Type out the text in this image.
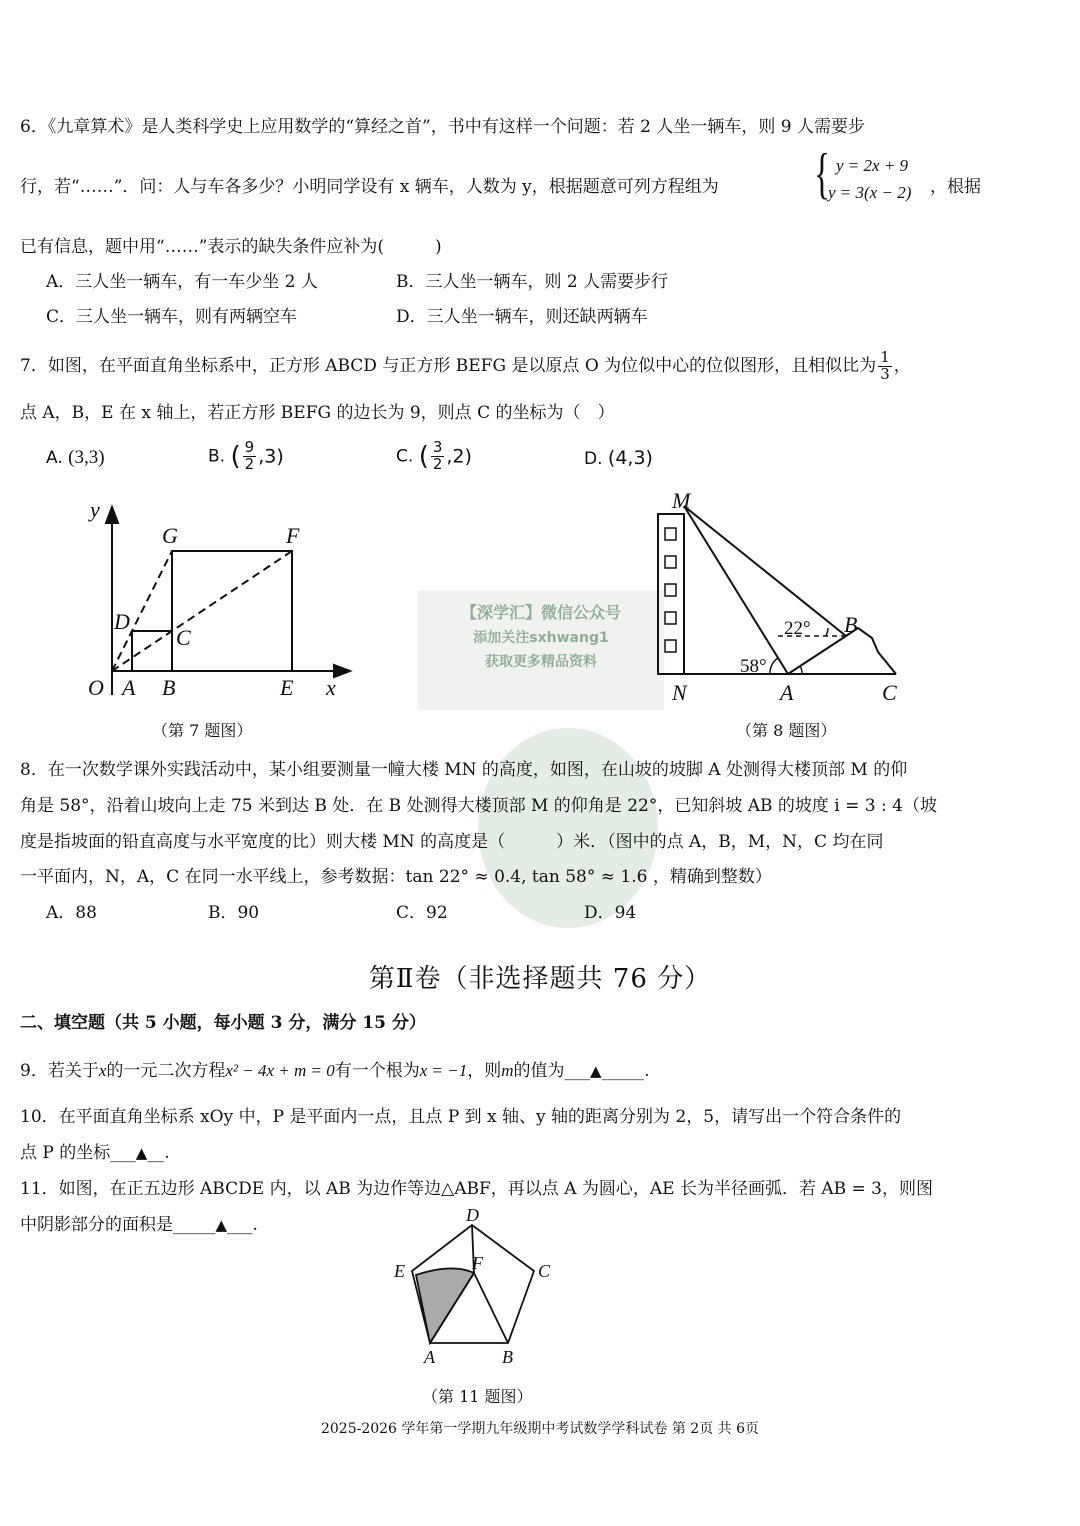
6．《九章算术》是人类科学史上应用数学的“算经之首”，书中有这样一个问题：若 2 人坐一辆车，则 9 人需要步
行，若“……”．问：人与车各多少？小明同学设有 x 辆车，人数为 y，根据题意可列方程组为 { y = 2x + 9
y = 3(x − 2) ，根据
已有信息，题中用“……”表示的缺失条件应补为(　　　)
A．三人坐一辆车，有一车少坐 2 人	B．三人坐一辆车，则 2 人需要步行
C．三人坐一辆车，则有两辆空车	D．三人坐一辆车，则还缺两辆车
7．如图，在平面直角坐标系中，正方形 ABCD 与正方形 BEFG 是以原点 O 为位似中心的位似图形，且相似比为 $\frac{1}{3}$ ，
点 A，B，E 在 x 轴上，若正方形 BEFG 的边长为 9，则点 C 的坐标为（　）
A. (3,3)	B. ( $\frac{9}{2} ,3$)	C. ( $\frac{3}{2} ,2$)	D. (4,3)
y
x
O A B	E
G	F
D
C
（第 7 题图）
【深学汇】微信公众号
添加关注sxhwang1
获取更多精品资料
M
N	A
B
C
22°
58°
（第 8 题图）
8．在一次数学课外实践活动中，某小组要测量一幢大楼 MN 的高度，如图，在山坡的坡脚 A 处测得大楼顶部 M 的仰
角是 58°，沿着山坡向上走 75 米到达 B 处．在 B 处测得大楼顶部 M 的仰角是 22°，已知斜坡 AB 的坡度 i = 3 : 4（坡
度是指坡面的铅直高度与水平宽度的比）则大楼 MN 的高度是（　　　）米．（图中的点 A，B，M，N，C 均在同
一平面内，N，A，C 在同一水平线上，参考数据：tan 22° ≈ 0.4, tan 58° ≈ 1.6 ，精确到整数）
A．88	B．90	C．92	D．94
第Ⅱ卷（非选择题共 76 分）
二、填空题（共 5 小题，每小题 3 分，满分 15 分）
9．若关于x的一元二次方程x² − 4x + m = 0有一个根为x = −1，则m的值为___▲_____.
10．在平面直角坐标系 xOy 中，P 是平面内一点，且点 P 到 x 轴、y 轴的距离分别为 2，5，请写出一个符合条件的
点 P 的坐标___▲__.
11．如图，在正五边形 ABCDE 内，以 AB 为边作等边△ABF，再以点 A 为圆心，AE 长为半径画弧．若 AB = 3，则图
中阴影部分的面积是_____▲___.
A	B
C
D
E	F
（第 11 题图）
2025-2026 学年第一学期九年级期中考试数学学科试卷 第 2页 共 6页
